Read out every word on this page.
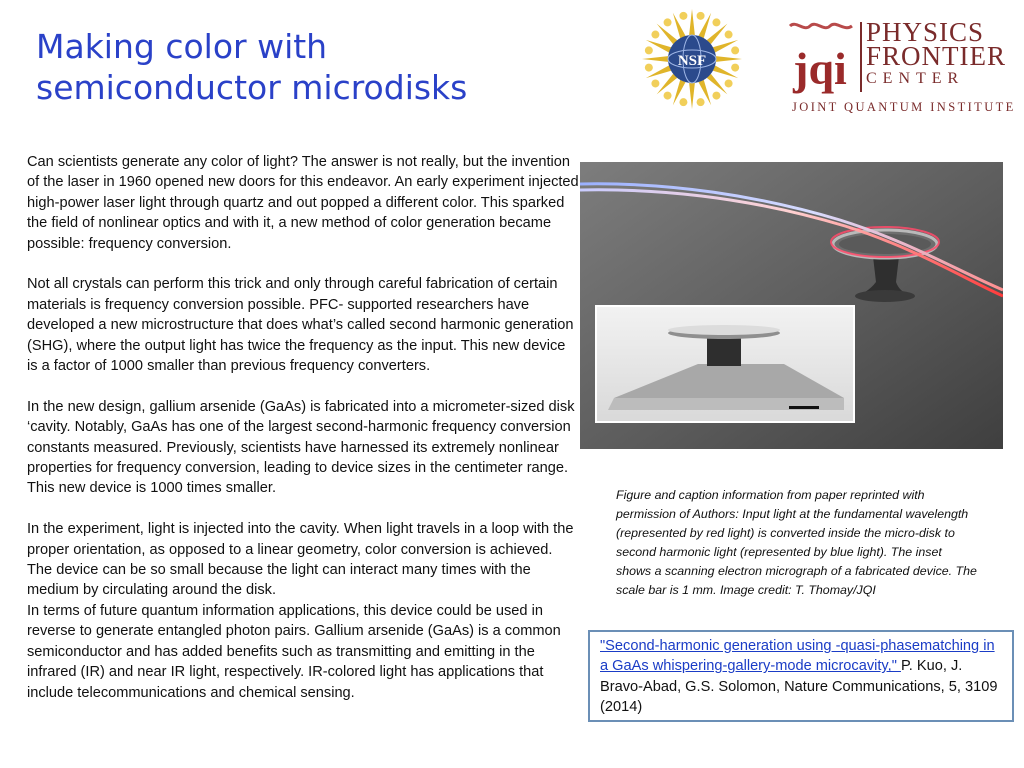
Making color with
semiconductor microdisks
NSF jqi
PHYSICS
FRONTIER
CENTER
JOINT QUANTUM INSTITUTE

Can scientists generate any color of light? The answer is not really, but the invention of the laser in 1960 opened new doors for this endeavor. An early experiment injected high-power laser light through quartz and out popped a different color. This sparked the field of nonlinear optics and with it, a new method of color generation became possible: frequency conversion.

Not all crystals can perform this trick and only through careful fabrication of certain materials is frequency conversion possible. PFC- supported researchers have developed a new microstructure that does what’s called second harmonic generation (SHG), where the output light has twice the frequency as the input. This new device is a factor of 1000 smaller than previous frequency converters.

In the new design, gallium arsenide (GaAs) is fabricated into a micrometer-sized disk ‘cavity. Notably, GaAs has one of the largest second-harmonic frequency conversion constants measured. Previously, scientists have harnessed its extremely nonlinear properties for frequency conversion, leading to device sizes in the centimeter range. This new device is 1000 times smaller.

In the experiment, light is injected into the cavity. When light travels in a loop with the proper orientation, as opposed to a linear geometry, color conversion is achieved. The device can be so small because the light can interact many times with the medium by circulating around the disk.

In terms of future quantum information applications, this device could be used in reverse to generate entangled photon pairs. Gallium arsenide (GaAs) is a common semiconductor and has added benefits such as transmitting and emitting in the infrared (IR) and near IR light, respectively. IR-colored light has applications that include telecommunications and chemical sensing.

Figure and caption information from paper reprinted with permission of Authors: Input light at the fundamental wavelength (represented by red light) is converted inside the micro-disk to second harmonic light (represented by blue light). The inset shows a scanning electron micrograph of a fabricated device. The scale bar is 1 mm. Image credit: T. Thomay/JQI

"Second-harmonic generation using -quasi-phasematching in a GaAs whispering-gallery-mode microcavity," P. Kuo, J. Bravo-Abad, G.S. Solomon, Nature Communications, 5, 3109 (2014)
